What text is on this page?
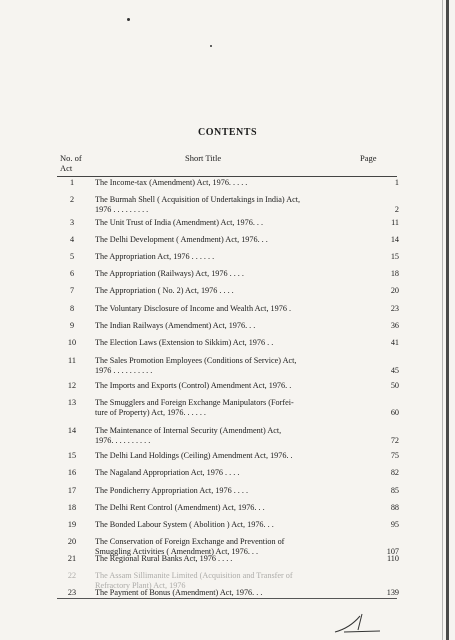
CONTENTS
No. of
Act
Short Title	Page
1	The Income-tax (Amendment) Act, 1976. . . . .	1
2	The Burmah Shell ( Acquisition of Undertakings in India) Act,
1976 . . . . . . . . .	2
3	The Unit Trust of India (Amendment) Act, 1976. . .	11
4	The Delhi Development ( Amendment) Act, 1976. . .	14
5	The Appropriation Act, 1976 . . . . . .	15
6	The Appropriation (Railways) Act, 1976 . . . .	18
7	The Appropriation ( No. 2) Act, 1976 . . . .	20
8	The Voluntary Disclosure of Income and Wealth Act, 1976 .	23
9	The Indian Railways (Amendment) Act, 1976. . .	36
10	The Election Laws (Extension to Sikkim) Act, 1976 . .	41
11	The Sales Promotion Employees (Conditions of Service) Act,
1976 . . . . . . . . . .	45
12	The Imports and Exports (Control) Amendment Act, 1976. .	50
13	The Smugglers and Foreign Exchange Manipulators (Forfei-
ture of Property) Act, 1976. . . . . .	60
14	The Maintenance of Internal Security (Amendment) Act,
1976. . . . . . . . . .	72
15	The Delhi Land Holdings (Ceiling) Amendment Act, 1976. .	75
16	The Nagaland Appropriation Act, 1976 . . . .	82
17	The Pondicherry Appropriation Act, 1976 . . . .	85
18	The Delhi Rent Control (Amendment) Act, 1976. . .	88
19	The Bonded Labour System ( Abolition ) Act, 1976. . .	95
20	The Conservation of Foreign Exchange and Prevention of
Smuggling Activities ( Amendment) Act, 1976. . .	107
21	The Regional Rural Banks Act, 1976 . . . .	110
22	The Assam Sillimanite Limited (Acquisition and Transfer of
Refractory Plant) Act, 1976
23	The Payment of Bonus (Amendment) Act, 1976. . .	139
